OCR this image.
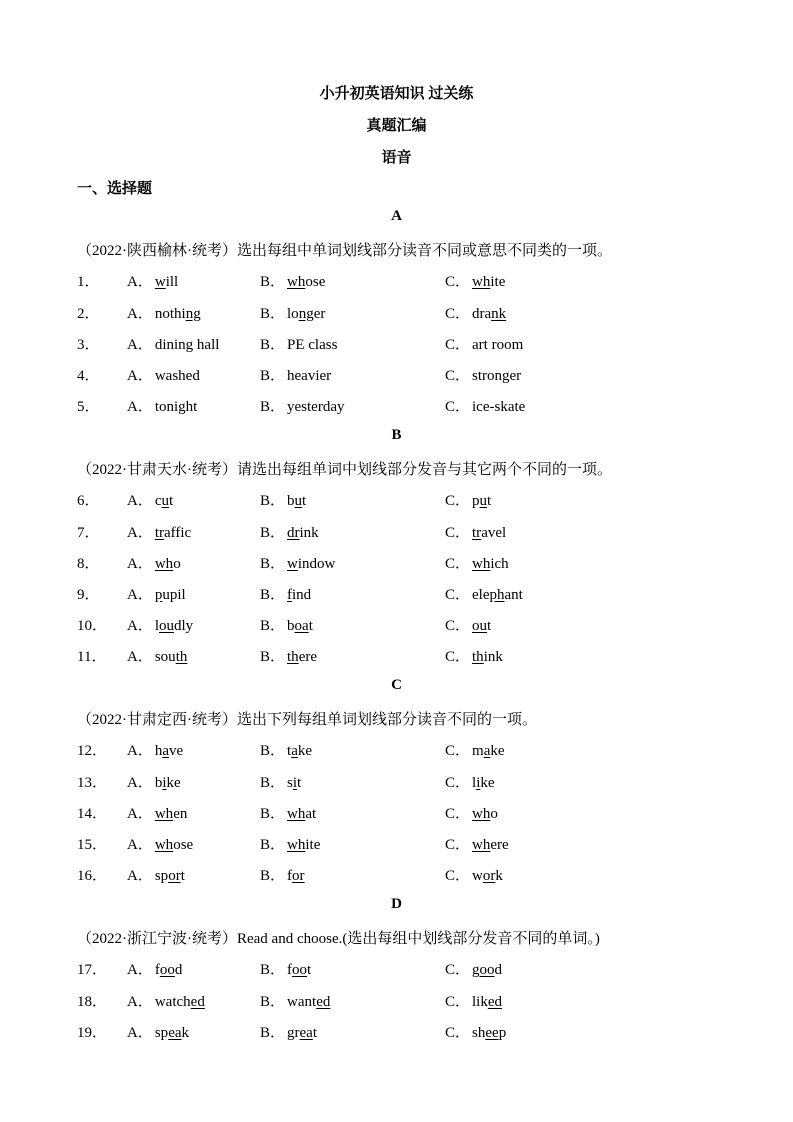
小升初英语知识 过关练
真题汇编
语音
一、选择题
A
（2022·陕西榆林·统考）选出每组中单词划线部分读音不同或意思不同类的一项。
1． A． will	B． whose	C． white
2． A． nothing	B． longer	C． drank
3． A． dining hall	B． PE class	C． art room
4． A． washed	B． heavier	C． stronger
5． A． tonight	B． yesterday	C． ice-skate
B
（2022·甘肃天水·统考）请选出每组单词中划线部分发音与其它两个不同的一项。
6． A． cut	B． but	C． put
7． A． traffic	B． drink	C． travel
8． A． who	B． window	C． which
9． A． pupil	B． find	C． elephant
10． A． loudly	B． boat	C． out
11． A． south	B． there	C． think
C
（2022·甘肃定西·统考）选出下列每组单词划线部分读音不同的一项。
12． A． have	B． take	C． make
13． A． bike	B． sit	C． like
14． A． when	B． what	C． who
15． A． whose	B． white	C． where
16． A． sport	B． for	C． work
D
（2022·浙江宁波·统考）Read and choose.(选出每组中划线部分发音不同的单词。)
17． A． food	B． foot	C． good
18． A． watched	B． wanted	C． liked
19． A． speak	B． great	C． sheep
